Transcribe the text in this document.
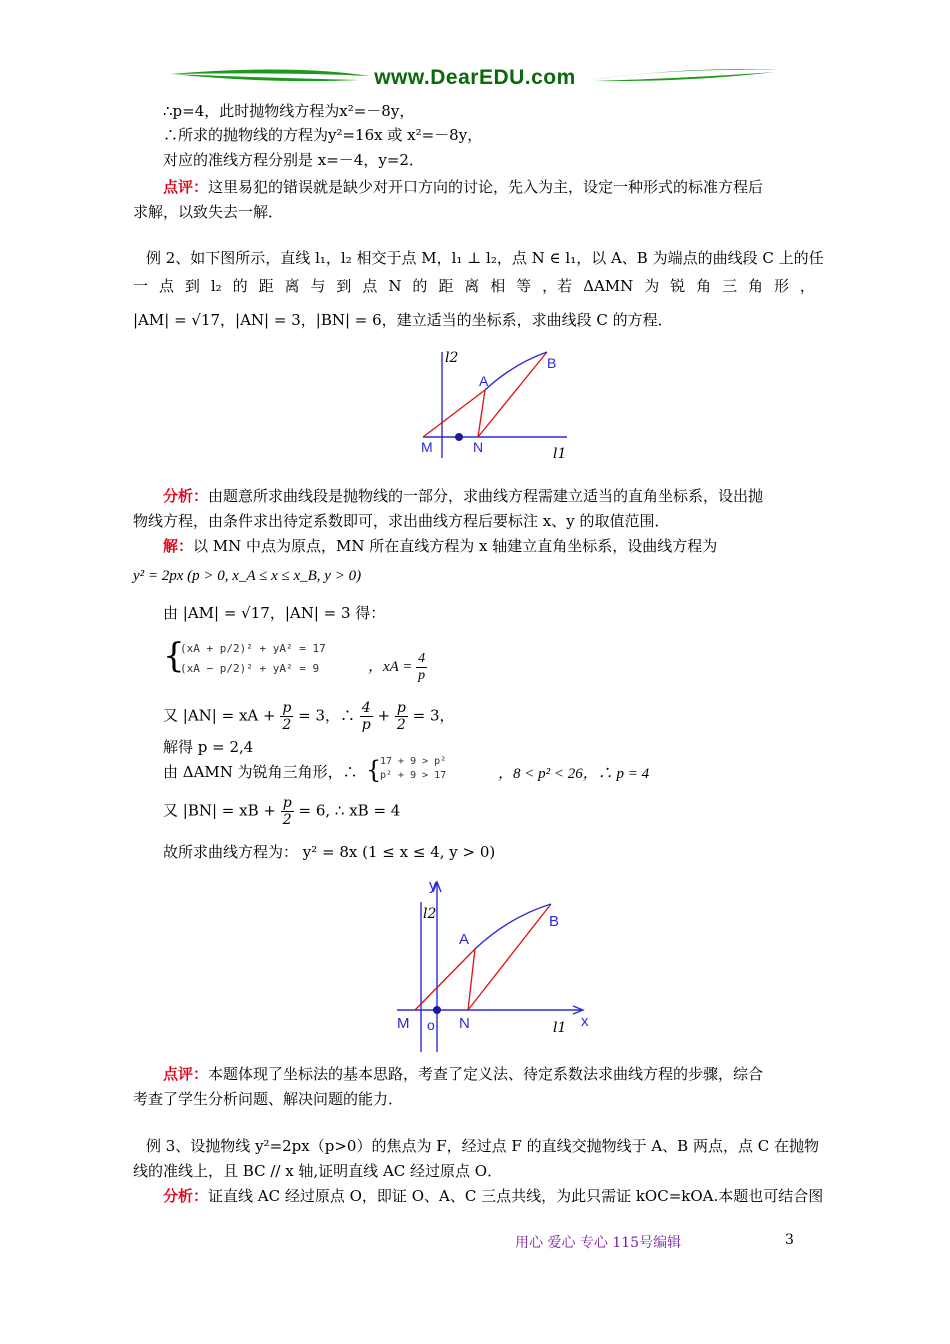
www.DearEDU.com
∴p=4，此时抛物线方程为x²=－8y，
∴所求的抛物线的方程为y²=16x 或 x²=－8y，
对应的准线方程分别是 x=－4，y=2．
点评：这里易犯的错误就是缺少对开口方向的讨论，先入为主，设定一种形式的标准方程后
求解，以致失去一解．
例 2、如下图所示，直线 l₁，l₂ 相交于点 M，l₁ ⊥ l₂，点 N ∈ l₁，以 A、B 为端点的曲线段 C 上的任
一 点 到 l₂ 的 距 离 与 到 点 N 的 距 离 相 等 ，若 ΔAMN 为 锐 角 三 角 形 ，
|AM| = √17，|AN| = 3，|BN| = 6，建立适当的坐标系，求曲线段 C 的方程．
l2
A
B
M	N	l1
分析：由题意所求曲线段是抛物线的一部分，求曲线方程需建立适当的直角坐标系，设出抛
物线方程，由条件求出待定系数即可，求出曲线方程后要标注 x、y 的取值范围．
解：以 MN 中点为原点，MN 所在直线方程为 x 轴建立直角坐标系，设曲线方程为
y² = 2px (p > 0, x_A ≤ x ≤ x_B, y > 0)
由 |AM| = √17，|AN| = 3 得：
{
(xA + p/2)² + yA² = 17
(xA − p/2)² + yA² = 9	，xA = $\frac{4}{p}$
又 |AN| = xA + $\frac{p}{2} = 3$，∴ $\frac{4}{p} + \frac{p}{2} = 3$，
解得 p = 2,4
由 ΔAMN 为锐角三角形，∴ {
17 + 9 > p²
p² + 9 > 17	，8 < p² < 26，∴ p = 4
又 |BN| = xB + $\frac{p}{2} = 6$, ∴ xB = 4
故所求曲线方程为： y² = 8x (1 ≤ x ≤ 4, y > 0)
y
l2
A
B
M o N	l1 x
点评：本题体现了坐标法的基本思路，考查了定义法、待定系数法求曲线方程的步骤，综合
考查了学生分析问题、解决问题的能力．
例 3、设抛物线 y²=2px（p>0）的焦点为 F，经过点 F 的直线交抛物线于 A、B 两点，点 C 在抛物
线的准线上，且 BC // x 轴,证明直线 AC 经过原点 O．
分析：证直线 AC 经过原点 O，即证 O、A、C 三点共线，为此只需证 kOC=kOA.本题也可结合图
用心 爱心 专心 115号编辑	3
